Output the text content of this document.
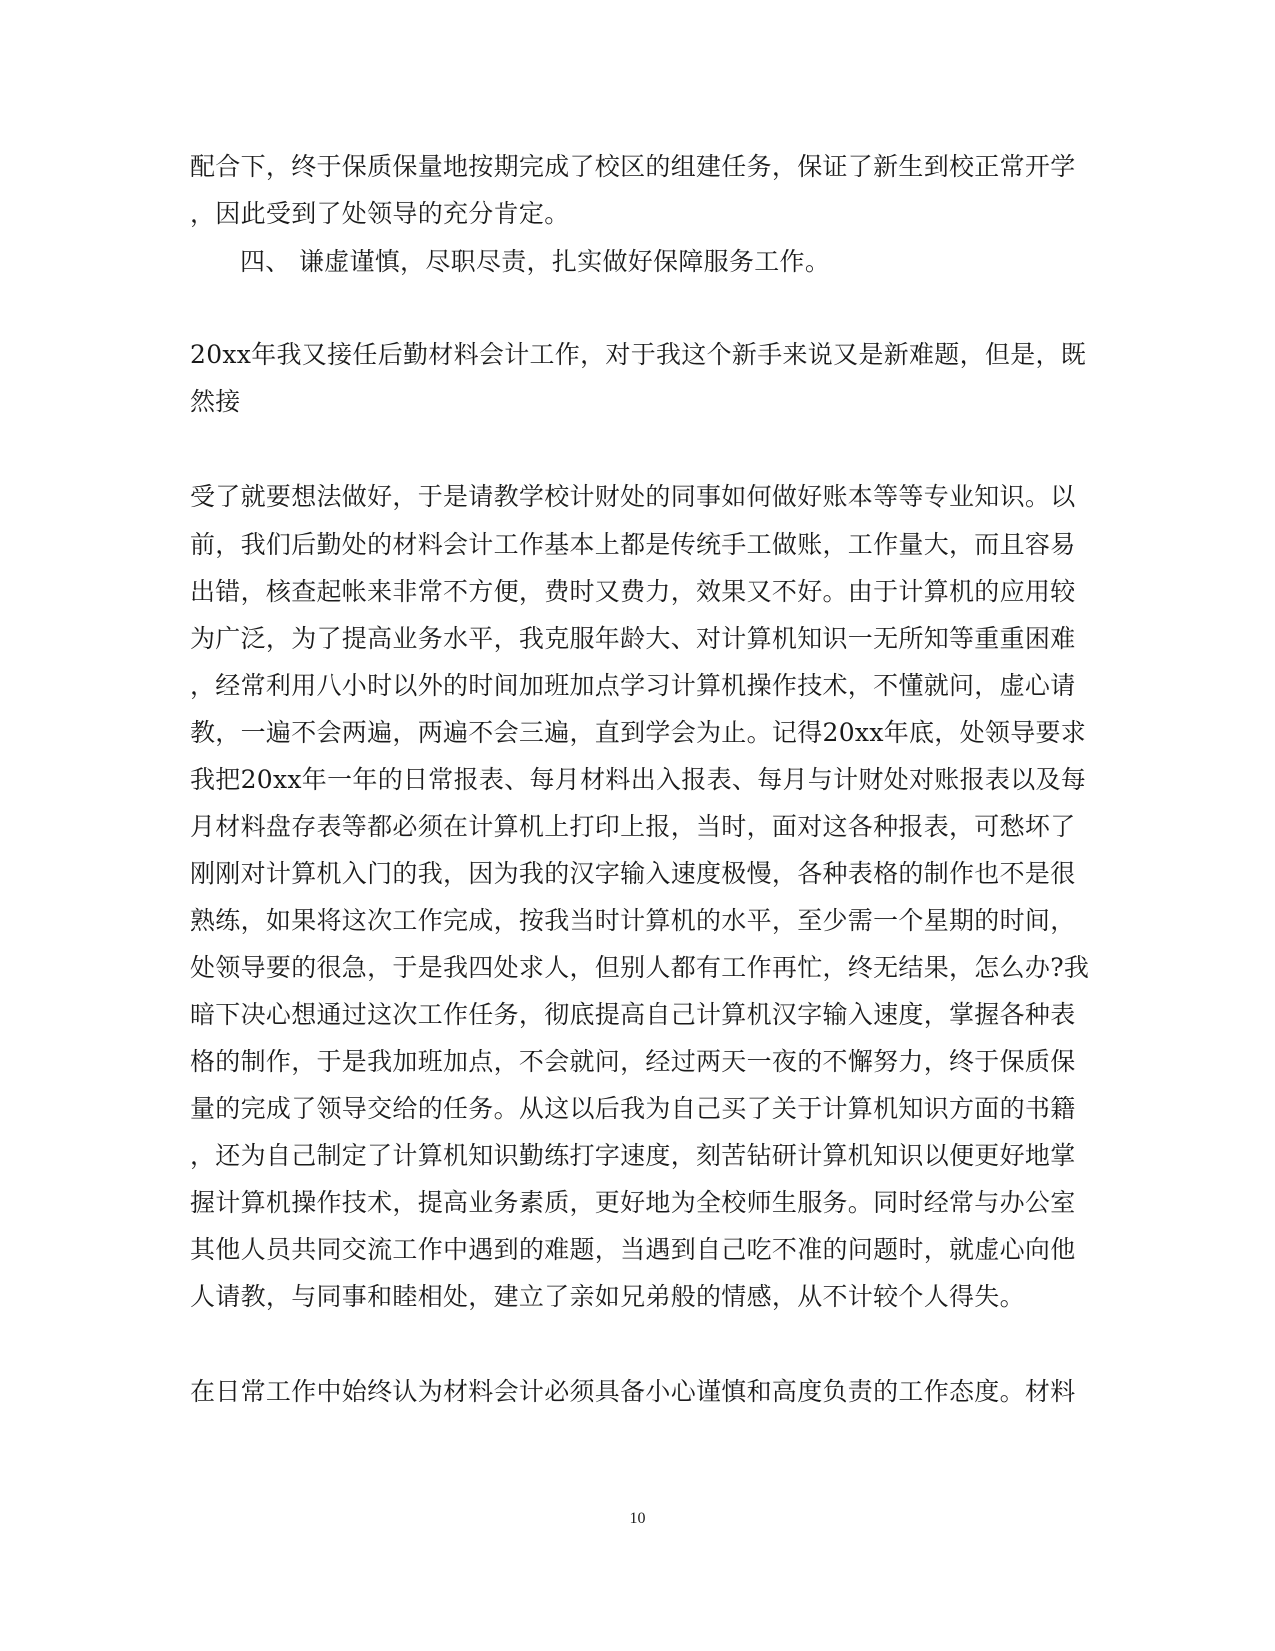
配合下，终于保质保量地按期完成了校区的组建任务，保证了新生到校正常开学
，因此受到了处领导的充分肯定。
四、 谦虚谨慎，尽职尽责，扎实做好保障服务工作。
20xx年我又接任后勤材料会计工作，对于我这个新手来说又是新难题，但是，既
然接
受了就要想法做好，于是请教学校计财处的同事如何做好账本等等专业知识。以
前，我们后勤处的材料会计工作基本上都是传统手工做账，工作量大，而且容易
出错，核查起帐来非常不方便，费时又费力，效果又不好。由于计算机的应用较
为广泛，为了提高业务水平，我克服年龄大、对计算机知识一无所知等重重困难
，经常利用八小时以外的时间加班加点学习计算机操作技术，不懂就问，虚心请
教，一遍不会两遍，两遍不会三遍，直到学会为止。记得20xx年底，处领导要求
我把20xx年一年的日常报表、每月材料出入报表、每月与计财处对账报表以及每
月材料盘存表等都必须在计算机上打印上报，当时，面对这各种报表，可愁坏了
刚刚对计算机入门的我，因为我的汉字输入速度极慢，各种表格的制作也不是很
熟练，如果将这次工作完成，按我当时计算机的水平，至少需一个星期的时间，
处领导要的很急，于是我四处求人，但别人都有工作再忙，终无结果，怎么办?我
暗下决心想通过这次工作任务，彻底提高自己计算机汉字输入速度，掌握各种表
格的制作，于是我加班加点，不会就问，经过两天一夜的不懈努力，终于保质保
量的完成了领导交给的任务。从这以后我为自己买了关于计算机知识方面的书籍
，还为自己制定了计算机知识勤练打字速度，刻苦钻研计算机知识以便更好地掌
握计算机操作技术，提高业务素质，更好地为全校师生服务。同时经常与办公室
其他人员共同交流工作中遇到的难题，当遇到自己吃不准的问题时，就虚心向他
人请教，与同事和睦相处，建立了亲如兄弟般的情感，从不计较个人得失。
在日常工作中始终认为材料会计必须具备小心谨慎和高度负责的工作态度。材料
10
